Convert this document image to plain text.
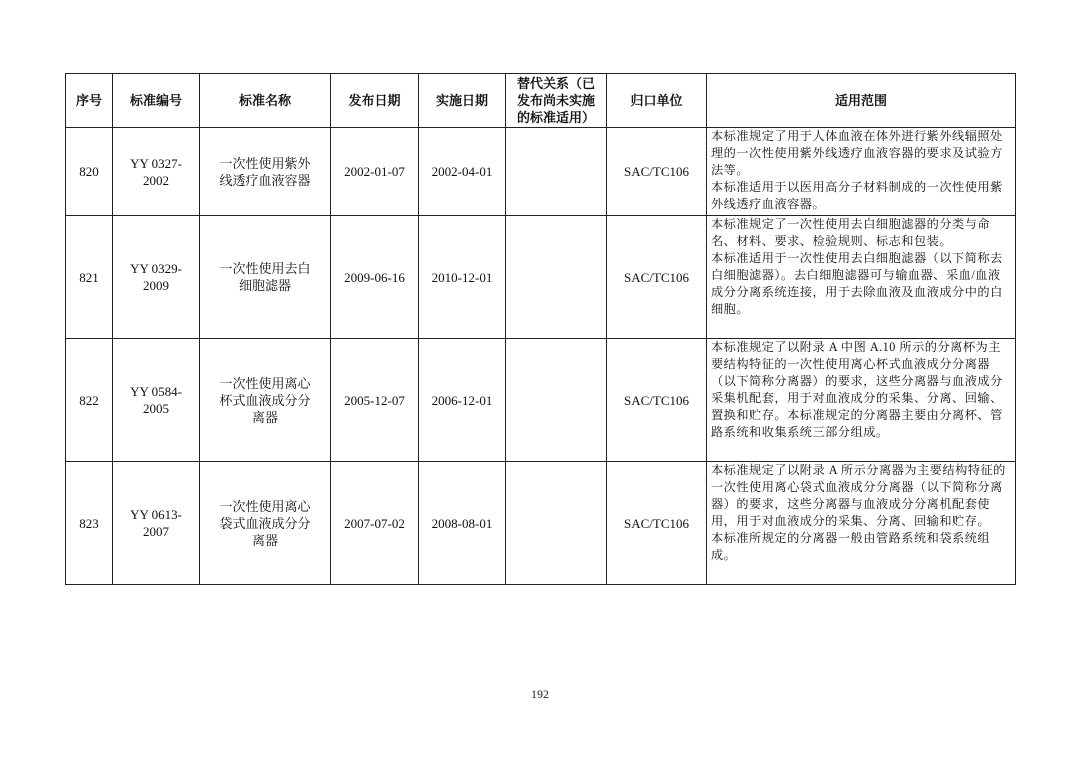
序号	标准编号	标准名称	发布日期	实施日期	替代关系（已发布尚未实施的标准适用）	归口单位	适用范围
820	YY 0327-2002	一次性使用紫外线透疗血液容器	2002-01-07	2002-04-01		SAC/TC106	本标准规定了用于人体血液在体外进行紫外线辐照处理的一次性使用紫外线透疗血液容器的要求及试验方法等。

本标准适用于以医用高分子材料制成的一次性使用紫外线透疗血液容器。

821	YY 0329-2009	一次性使用去白细胞滤器	2009-06-16	2010-12-01		SAC/TC106	本标准规定了一次性使用去白细胞滤器的分类与命名、材料、要求、检验规则、标志和包装。

本标准适用于一次性使用去白细胞滤器（以下简称去白细胞滤器）。去白细胞滤器可与输血器、采血/血液成分分离系统连接，用于去除血液及血液成分中的白细胞。

822	YY 0584-2005	一次性使用离心杯式血液成分分离器	2005-12-07	2006-12-01		SAC/TC106	本标准规定了以附录 A 中图 A.10 所示的分离杯为主要结构特征的一次性使用离心杯式血液成分分离器（以下简称分离器）的要求，这些分离器与血液成分采集机配套，用于对血液成分的采集、分离、回输、置换和贮存。本标准规定的分离器主要由分离杯、管路系统和收集系统三部分组成。

823	YY 0613-2007	一次性使用离心袋式血液成分分离器	2007-07-02	2008-08-01		SAC/TC106	本标准规定了以附录 A 所示分离器为主要结构特征的一次性使用离心袋式血液成分分离器（以下简称分离器）的要求，这些分离器与血液成分分离机配套使用，用于对血液成分的采集、分离、回输和贮存。

本标准所规定的分离器一般由管路系统和袋系统组成。

192
